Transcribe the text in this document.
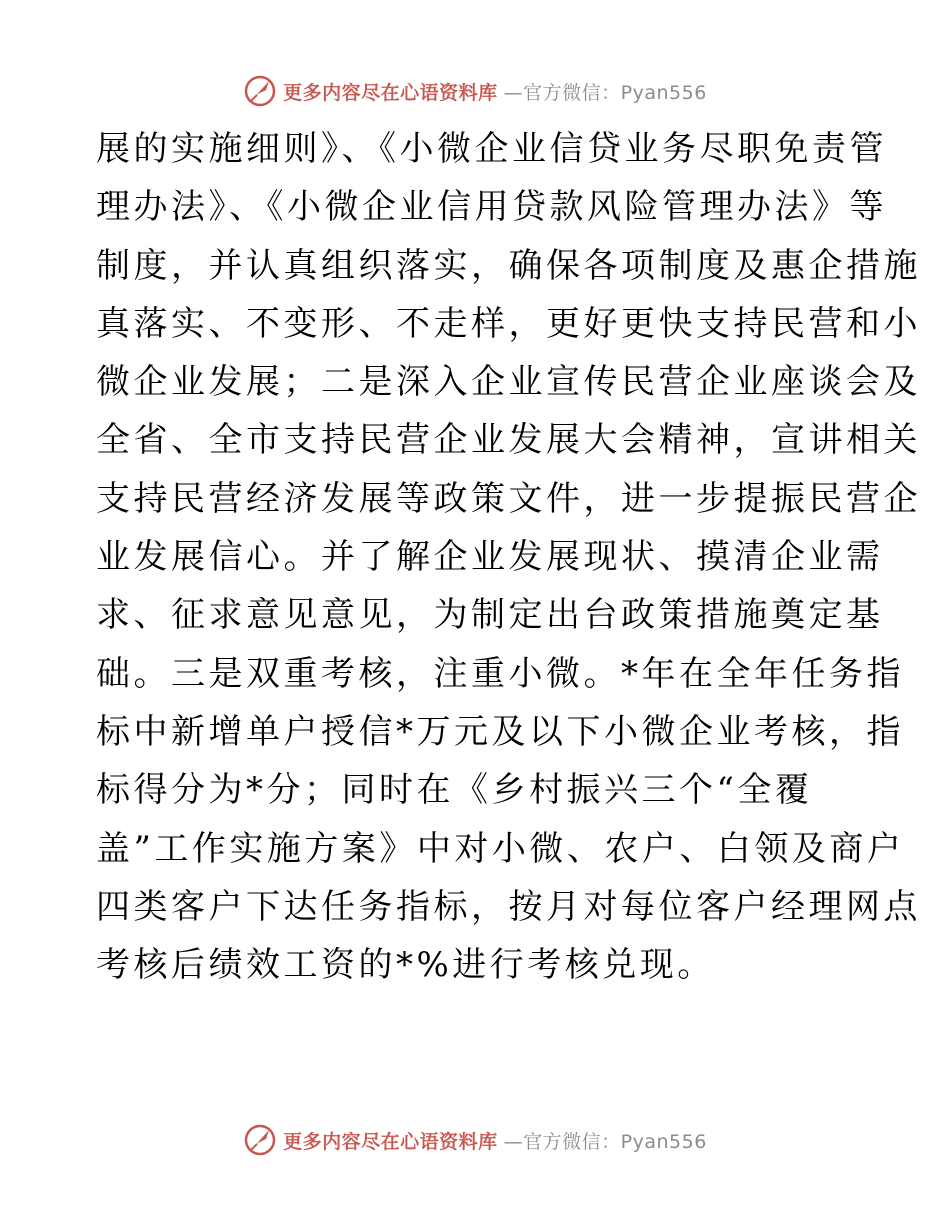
更多内容尽在心语资料库 —官方微信：Pyan556
展的实施细则》、《小微企业信贷业务尽职免责管
理办法》、《小微企业信用贷款风险管理办法》等
制度，并认真组织落实，确保各项制度及惠企措施
真落实、不变形、不走样，更好更快支持民营和小
微企业发展；二是深入企业宣传民营企业座谈会及
全省、全市支持民营企业发展大会精神，宣讲相关
支持民营经济发展等政策文件，进一步提振民营企
业发展信心。并了解企业发展现状、摸清企业需
求、征求意见意见，为制定出台政策措施奠定基
础。三是双重考核，注重小微。*年在全年任务指
标中新增单户授信*万元及以下小微企业考核，指
标得分为*分；同时在《乡村振兴三个“全覆
盖”工作实施方案》中对小微、农户、白领及商户
四类客户下达任务指标，按月对每位客户经理网点
考核后绩效工资的*%进行考核兑现。
更多内容尽在心语资料库 —官方微信：Pyan556
